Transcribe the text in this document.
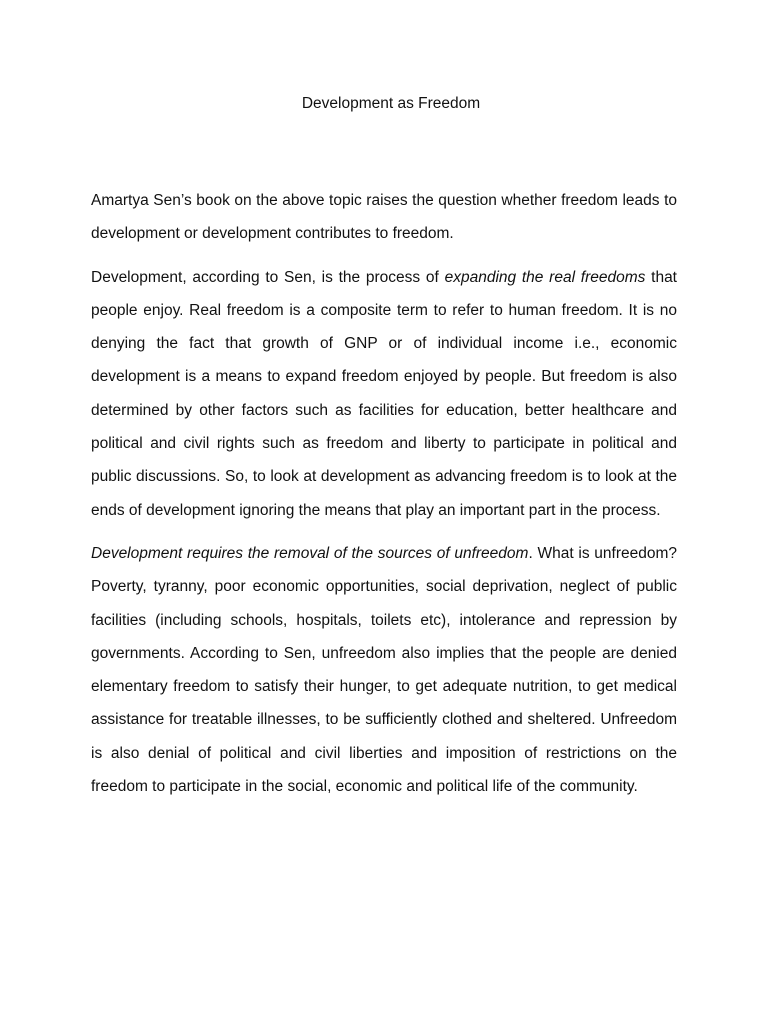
Development as Freedom

Amartya Sen’s book on the above topic raises the question whether freedom leads to development or development contributes to freedom.

Development, according to Sen, is the process of expanding the real freedoms that people enjoy. Real freedom is a composite term to refer to human freedom. It is no denying the fact that growth of GNP or of individual income i.e., economic development is a means to expand freedom enjoyed by people. But freedom is also determined by other factors such as facilities for education, better healthcare and political and civil rights such as freedom and liberty to participate in political and public discussions. So, to look at development as advancing freedom is to look at the ends of development ignoring the means that play an important part in the process.

Development requires the removal of the sources of unfreedom. What is unfreedom? Poverty, tyranny, poor economic opportunities, social deprivation, neglect of public facilities (including schools, hospitals, toilets etc), intolerance and repression by governments. According to Sen, unfreedom also implies that the people are denied elementary freedom to satisfy their hunger, to get adequate nutrition, to get medical assistance for treatable illnesses, to be sufficiently clothed and sheltered. Unfreedom is also denial of political and civil liberties and imposition of restrictions on the freedom to participate in the social, economic and political life of the community.
